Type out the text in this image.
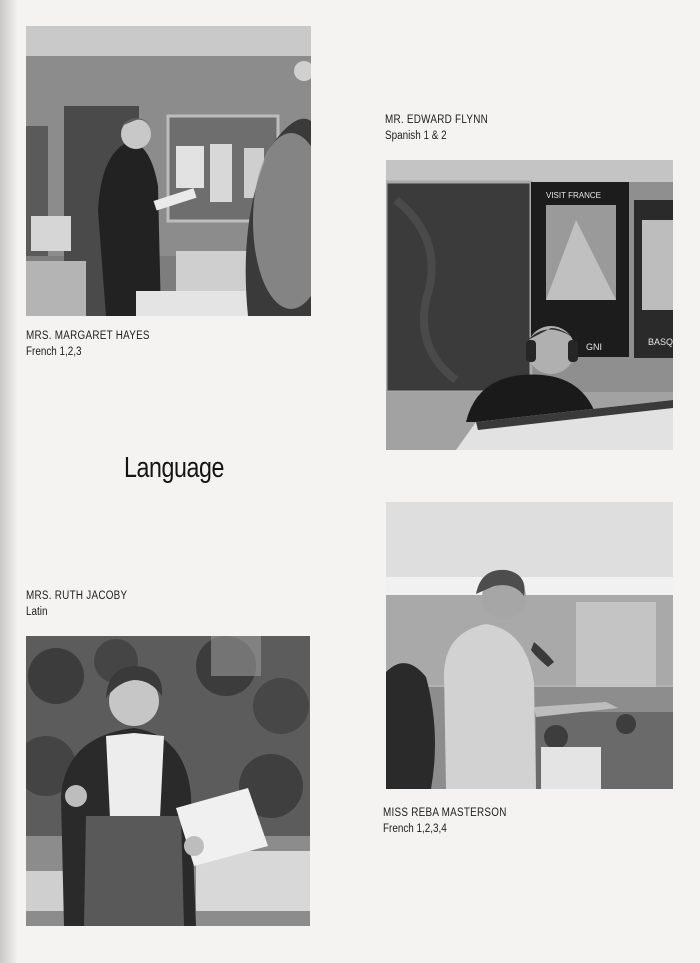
MRS. MARGARET HAYES
French 1,2,3
MR. EDWARD FLYNN
Spanish 1 & 2
VISIT FRANCE
GNI	BASQ
Language
MISS REBA MASTERSON
French 1,2,3,4
MRS. RUTH JACOBY
Latin
